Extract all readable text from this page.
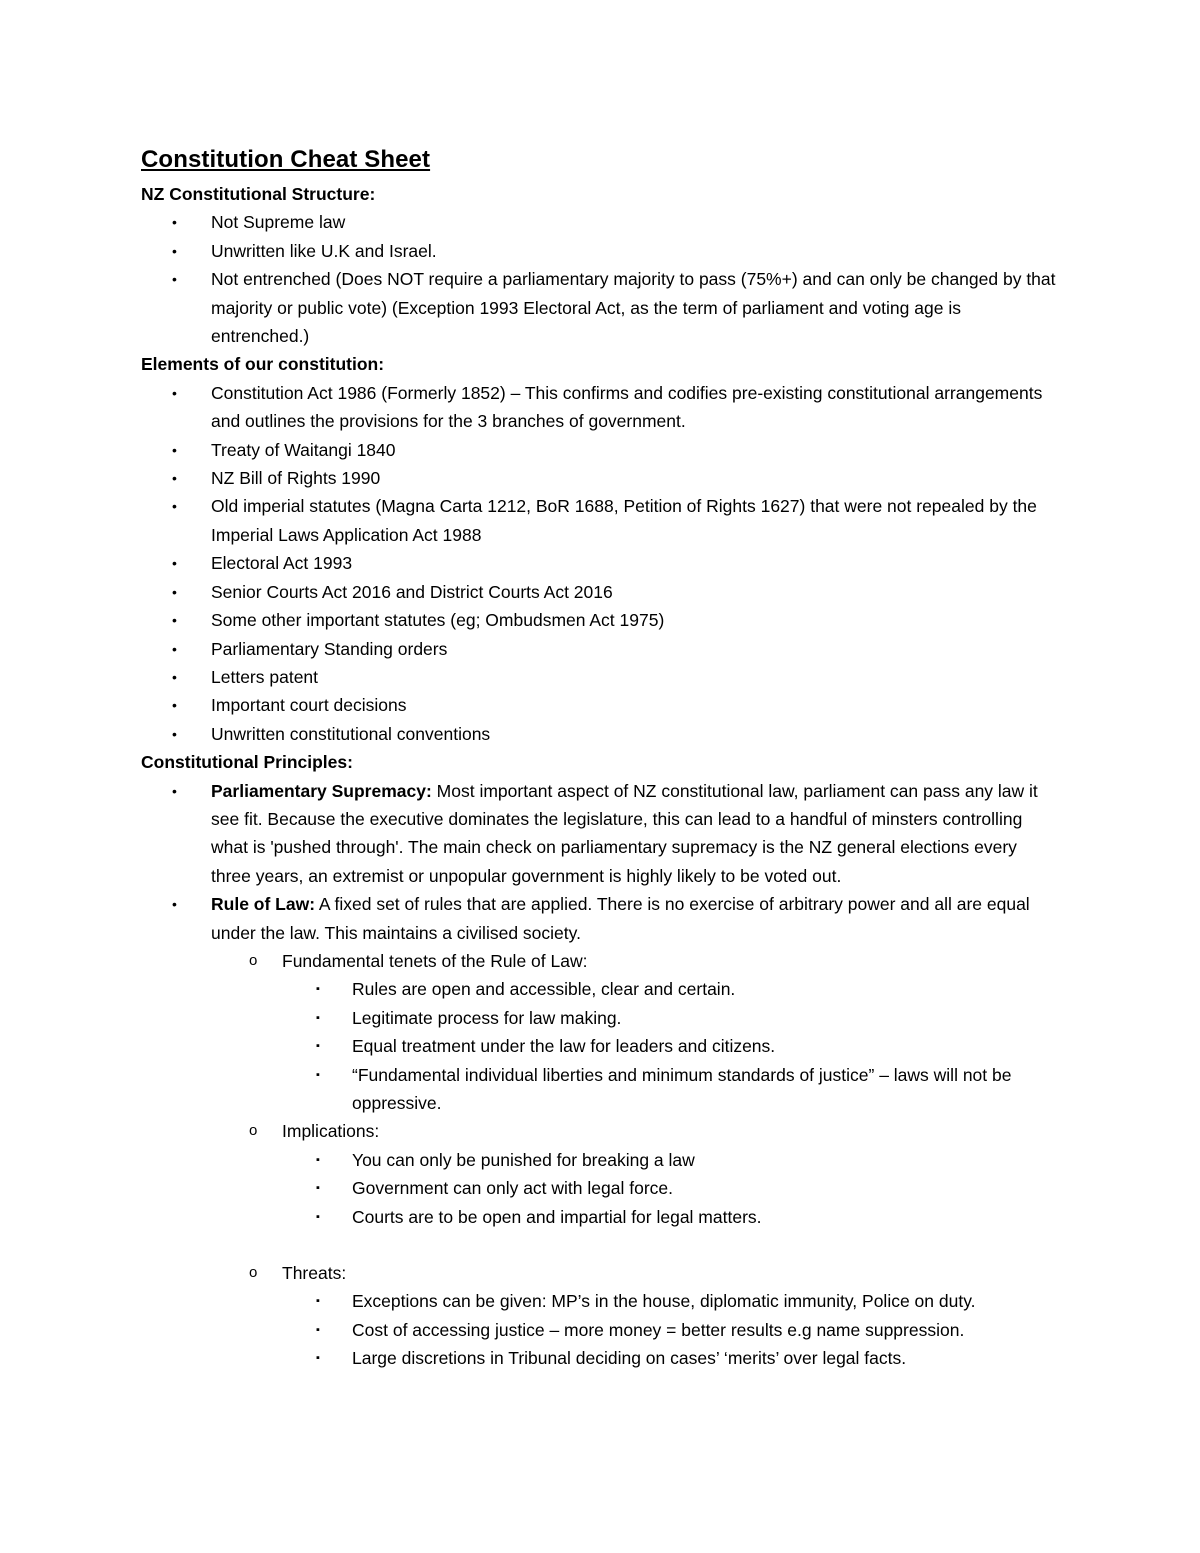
Constitution Cheat Sheet
NZ Constitutional Structure:
• Not Supreme law
• Unwritten like U.K and Israel.
• Not entrenched (Does NOT require a parliamentary majority to pass (75%+) and can only be changed by that majority or public vote) (Exception 1993 Electoral Act, as the term of parliament and voting age is entrenched.)
Elements of our constitution:
• Constitution Act 1986 (Formerly 1852) – This confirms and codifies pre-existing constitutional arrangements and outlines the provisions for the 3 branches of government.
• Treaty of Waitangi 1840
• NZ Bill of Rights 1990
• Old imperial statutes (Magna Carta 1212, BoR 1688, Petition of Rights 1627) that were not repealed by the Imperial Laws Application Act 1988
• Electoral Act 1993
• Senior Courts Act 2016 and District Courts Act 2016
• Some other important statutes (eg; Ombudsmen Act 1975)
• Parliamentary Standing orders
• Letters patent
• Important court decisions
• Unwritten constitutional conventions
Constitutional Principles:
• Parliamentary Supremacy: Most important aspect of NZ constitutional law, parliament can pass any law it see fit. Because the executive dominates the legislature, this can lead to a handful of minsters controlling what is 'pushed through'. The main check on parliamentary supremacy is the NZ general elections every three years, an extremist or unpopular government is highly likely to be voted out.
• Rule of Law: A fixed set of rules that are applied. There is no exercise of arbitrary power and all are equal under the law. This maintains a civilised society.
o Fundamental tenets of the Rule of Law:
▪ Rules are open and accessible, clear and certain.
▪ Legitimate process for law making.
▪ Equal treatment under the law for leaders and citizens.
▪ “Fundamental individual liberties and minimum standards of justice” – laws will not be oppressive.
o Implications:
▪ You can only be punished for breaking a law
▪ Government can only act with legal force.
▪ Courts are to be open and impartial for legal matters.
o Threats:
▪ Exceptions can be given: MP’s in the house, diplomatic immunity, Police on duty.
▪ Cost of accessing justice – more money = better results e.g name suppression.
▪ Large discretions in Tribunal deciding on cases’ ‘merits’ over legal facts.
